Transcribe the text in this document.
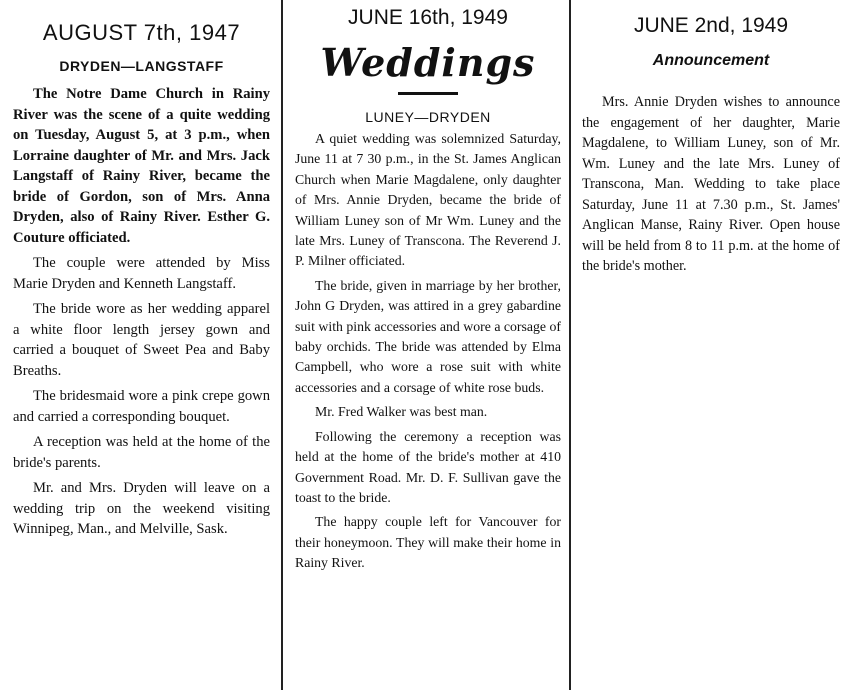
AUGUST 7th, 1947
DRYDEN—LANGSTAFF

The Notre Dame Church in Rainy River was the scene of a quite wedding on Tuesday, August 5, at 3 p.m., when Lorraine daughter of Mr. and Mrs. Jack Langstaff of Rainy River, became the bride of Gordon, son of Mrs. Anna Dryden, also of Rainy River. Esther G. Couture officiated.

The couple were attended by Miss Marie Dryden and Kenneth Langstaff.

The bride wore as her wedding apparel a white floor length jersey gown and carried a bouquet of Sweet Pea and Baby Breaths.

The bridesmaid wore a pink crepe gown and carried a corresponding bouquet.

A reception was held at the home of the bride's parents.

Mr. and Mrs. Dryden will leave on a wedding trip on the weekend visiting Winnipeg, Man., and Melville, Sask.

JUNE 16th, 1949
Weddings
LUNEY—DRYDEN

A quiet wedding was solemnized Saturday, June 11 at 7 30 p.m., in the St. James Anglican Church when Marie Magdalene, only daughter of Mrs. Annie Dryden, became the bride of William Luney son of Mr Wm. Luney and the late Mrs. Luney of Transcona. The Reverend J. P. Milner officiated.

The bride, given in marriage by her brother, John G Dryden, was attired in a grey gabardine suit with pink accessories and wore a corsage of baby orchids. The bride was attended by Elma Campbell, who wore a rose suit with white accessories and a corsage of white rose buds.

Mr. Fred Walker was best man.

Following the ceremony a reception was held at the home of the bride's mother at 410 Government Road. Mr. D. F. Sullivan gave the toast to the bride.

The happy couple left for Vancouver for their honeymoon. They will make their home in Rainy River.

JUNE 2nd, 1949
Announcement

Mrs. Annie Dryden wishes to announce the engagement of her daughter, Marie Magdalene, to William Luney, son of Mr. Wm. Luney and the late Mrs. Luney of Transcona, Man. Wedding to take place Saturday, June 11 at 7.30 p.m., St. James' Anglican Manse, Rainy River. Open house will be held from 8 to 11 p.m. at the home of the bride's mother.
